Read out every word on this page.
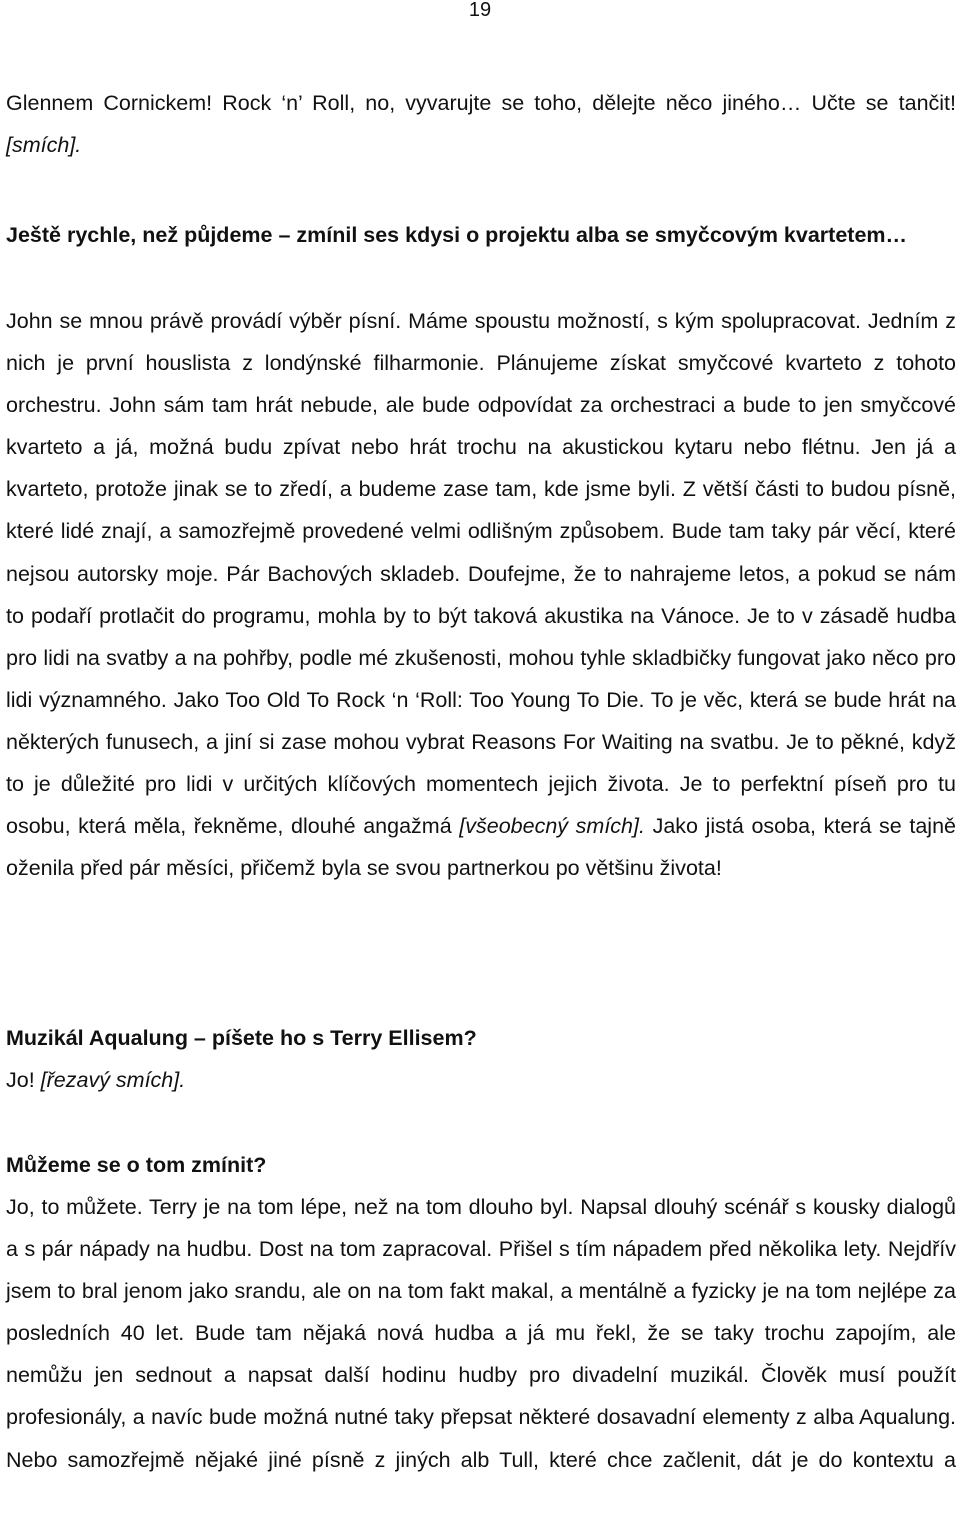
19

Glennem Cornickem! Rock ‘n’ Roll, no, vyvarujte se toho, dělejte něco jiného… Učte se tančit! [smích].

Ještě rychle, než půjdeme – zmínil ses kdysi o projektu alba se smyčcovým kvartetem…

John se mnou právě provádí výběr písní. Máme spoustu možností, s kým spolupracovat. Jedním z nich je první houslista z londýnské filharmonie. Plánujeme získat smyčcové kvarteto z tohoto orchestru. John sám tam hrát nebude, ale bude odpovídat za orchestraci a bude to jen smyčcové kvarteto a já, možná budu zpívat nebo hrát trochu na akustickou kytaru nebo flétnu. Jen já a kvarteto, protože jinak se to zředí, a budeme zase tam, kde jsme byli. Z větší části to budou písně, které lidé znají, a samozřejmě provedené velmi odlišným způsobem. Bude tam taky pár věcí, které nejsou autorsky moje. Pár Bachových skladeb. Doufejme, že to nahrajeme letos, a pokud se nám to podaří protlačit do programu, mohla by to být taková akustika na Vánoce. Je to v zásadě hudba pro lidi na svatby a na pohřby, podle mé zkušenosti, mohou tyhle skladbičky fungovat jako něco pro lidi významného. Jako Too Old To Rock ‘n ‘Roll: Too Young To Die. To je věc, která se bude hrát na některých funusech, a jiní si zase mohou vybrat Reasons For Waiting na svatbu. Je to pěkné, když to je důležité pro lidi v určitých klíčových momentech jejich života. Je to perfektní píseň pro tu osobu, která měla, řekněme, dlouhé angažmá [všeobecný smích]. Jako jistá osoba, která se tajně oženila před pár měsíci, přičemž byla se svou partnerkou po většinu života!

Muzikál Aqualung – píšete ho s Terry Ellisem?

Jo! [řezavý smích].

Můžeme se o tom zmínit?

Jo, to můžete. Terry je na tom lépe, než na tom dlouho byl. Napsal dlouhý scénář s kousky dialogů a s pár nápady na hudbu. Dost na tom zapracoval. Přišel s tím nápadem před několika lety. Nejdřív jsem to bral jenom jako srandu, ale on na tom fakt makal, a mentálně a fyzicky je na tom nejlépe za posledních 40 let. Bude tam nějaká nová hudba a já mu řekl, že se taky trochu zapojím, ale nemůžu jen sednout a napsat další hodinu hudby pro divadelní muzikál. Člověk musí použít profesionály, a navíc bude možná nutné taky přepsat některé dosavadní elementy z alba Aqualung. Nebo samozřejmě nějaké jiné písně z jiných alb Tull, které chce začlenit, dát je do kontextu a
